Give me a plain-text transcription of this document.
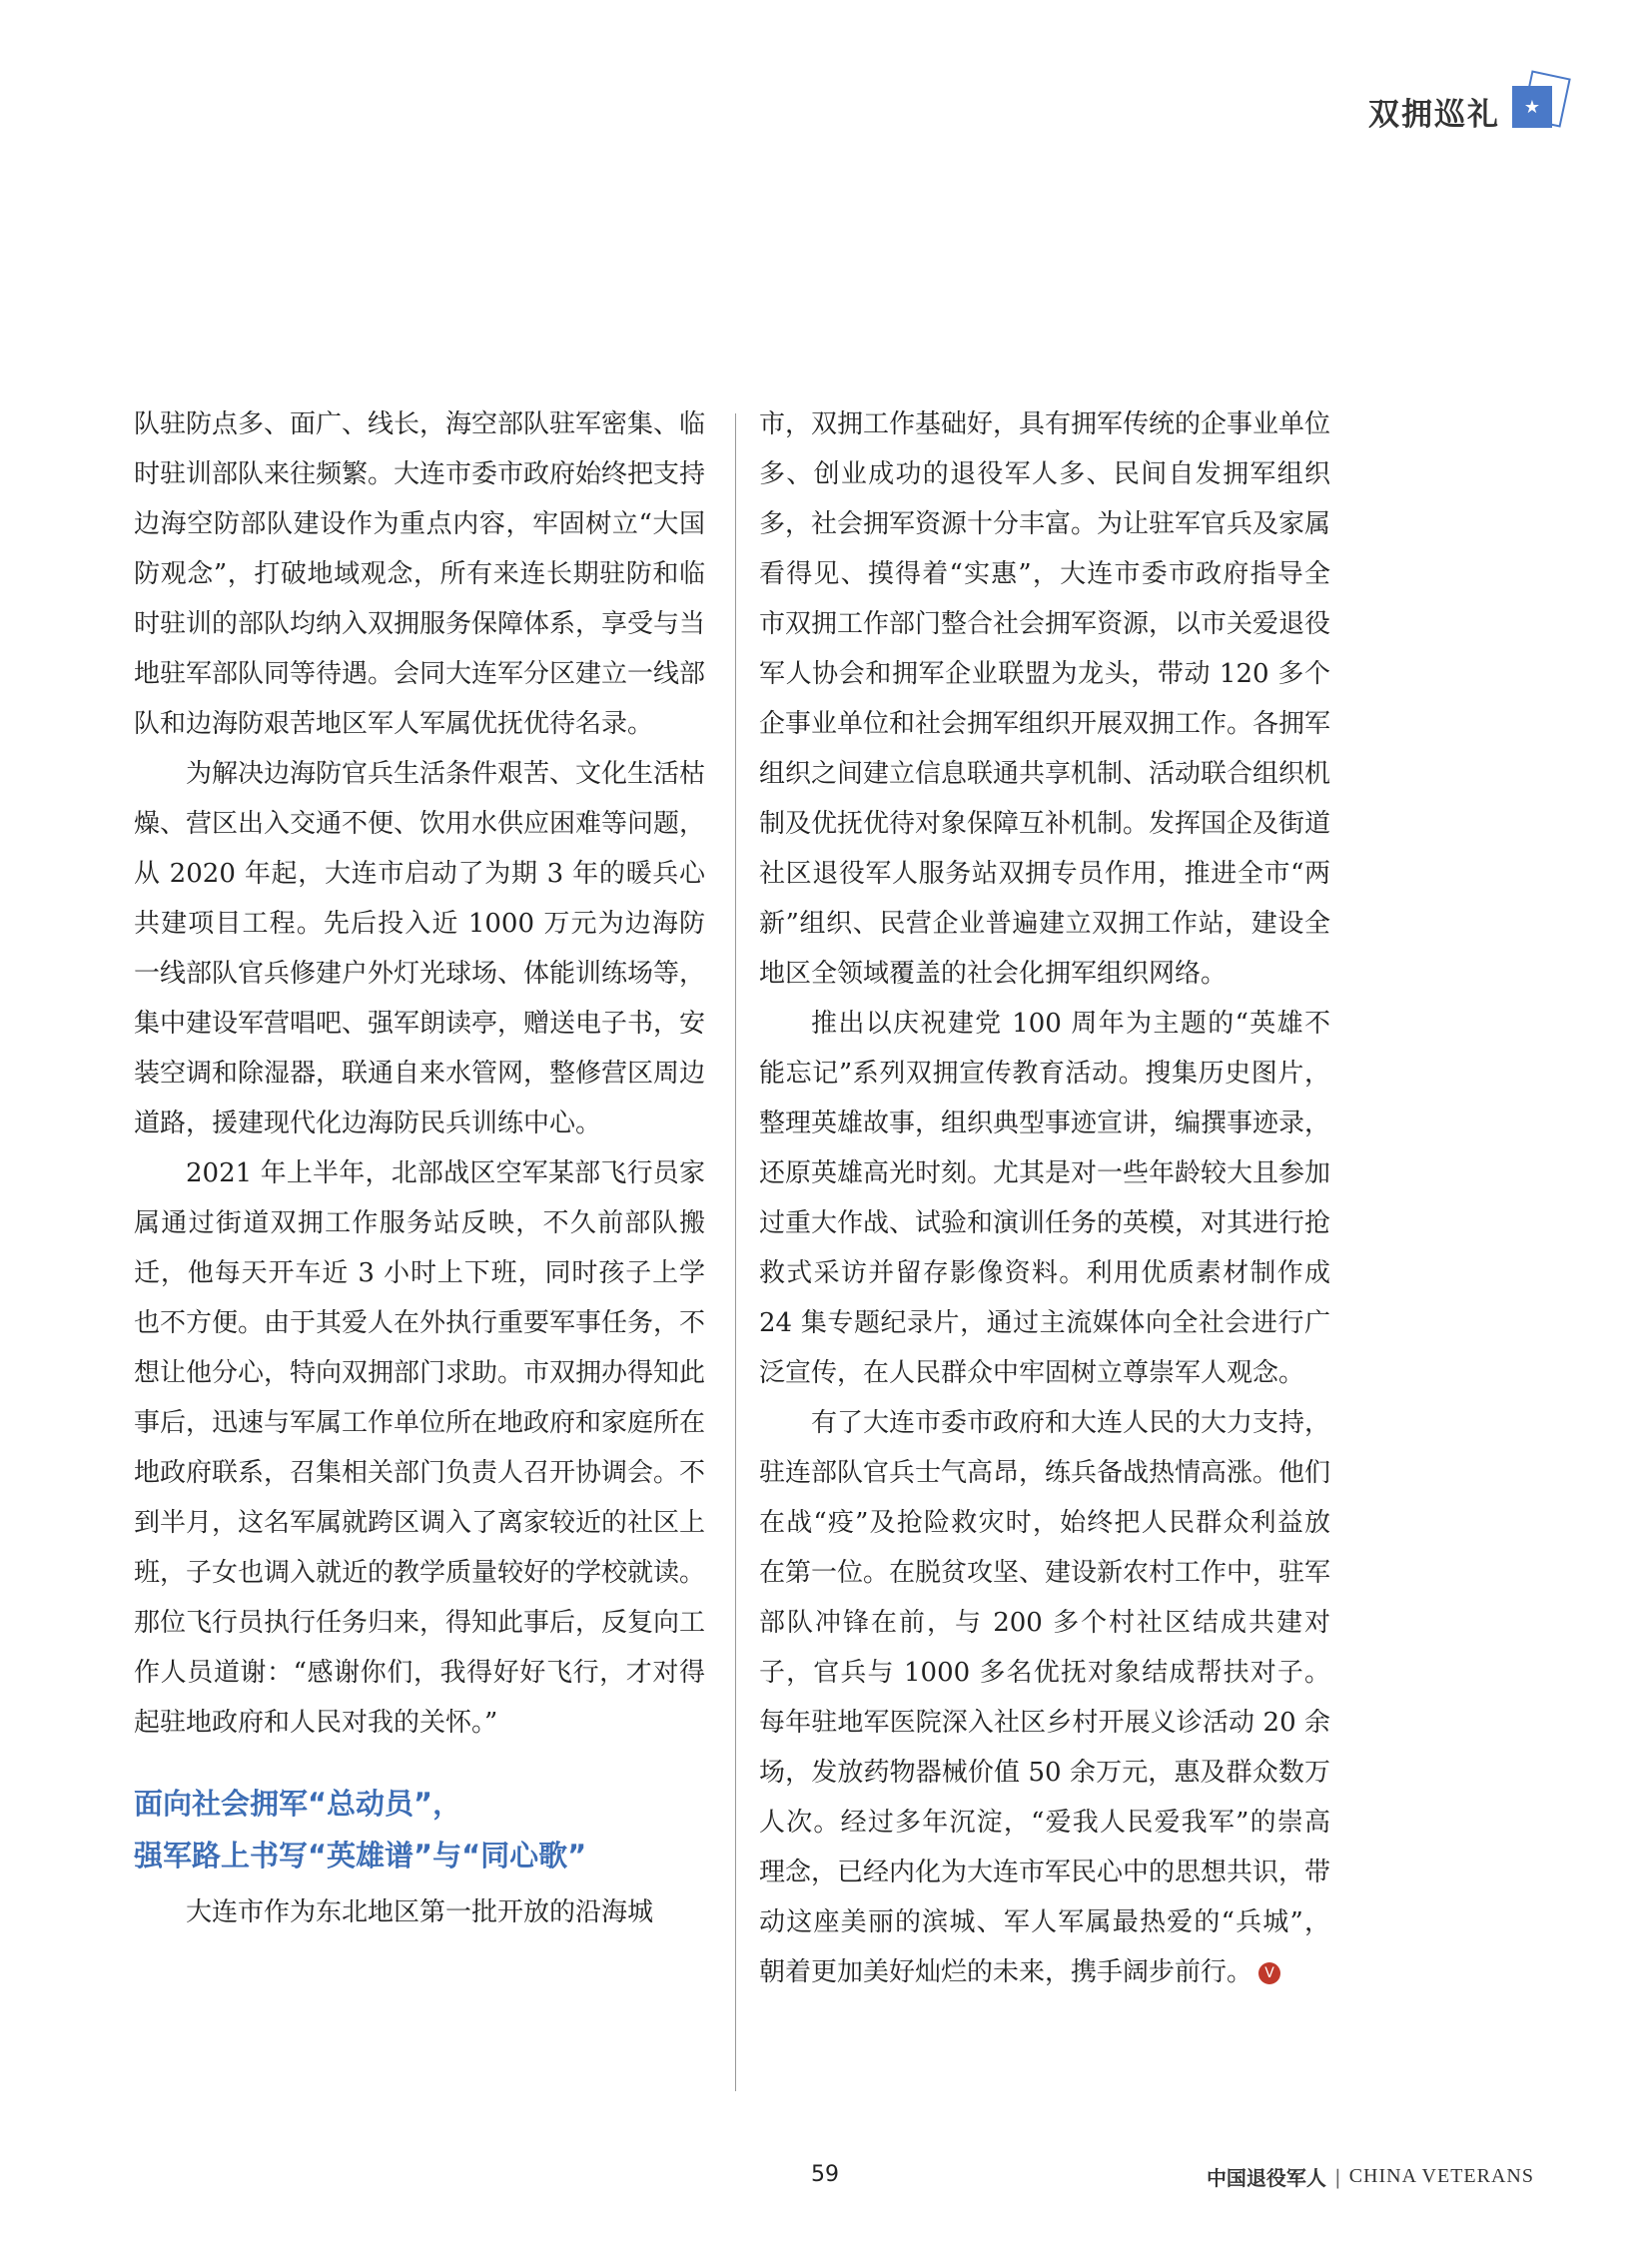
双拥巡礼	★

队驻防点多、面广、线长，海空部队驻军密集、临时驻训部队来往频繁。大连市委市政府始终把支持边海空防部队建设作为重点内容，牢固树立“大国防观念”，打破地域观念，所有来连长期驻防和临时驻训的部队均纳入双拥服务保障体系，享受与当地驻军部队同等待遇。会同大连军分区建立一线部队和边海防艰苦地区军人军属优抚优待名录。

为解决边海防官兵生活条件艰苦、文化生活枯燥、营区出入交通不便、饮用水供应困难等问题，从 2020 年起，大连市启动了为期 3 年的暖兵心共建项目工程。先后投入近 1000 万元为边海防一线部队官兵修建户外灯光球场、体能训练场等，集中建设军营唱吧、强军朗读亭，赠送电子书，安装空调和除湿器，联通自来水管网，整修营区周边道路，援建现代化边海防民兵训练中心。

2021 年上半年，北部战区空军某部飞行员家属通过街道双拥工作服务站反映，不久前部队搬迁，他每天开车近 3 小时上下班，同时孩子上学也不方便。由于其爱人在外执行重要军事任务，不想让他分心，特向双拥部门求助。市双拥办得知此事后，迅速与军属工作单位所在地政府和家庭所在地政府联系，召集相关部门负责人召开协调会。不到半月，这名军属就跨区调入了离家较近的社区上班，子女也调入就近的教学质量较好的学校就读。那位飞行员执行任务归来，得知此事后，反复向工作人员道谢：“感谢你们，我得好好飞行，才对得起驻地政府和人民对我的关怀。”

面向社会拥军“总动员”，
强军路上书写“英雄谱”与“同心歌”

大连市作为东北地区第一批开放的沿海城

市，双拥工作基础好，具有拥军传统的企事业单位多、创业成功的退役军人多、民间自发拥军组织多，社会拥军资源十分丰富。为让驻军官兵及家属看得见、摸得着“实惠”，大连市委市政府指导全市双拥工作部门整合社会拥军资源，以市关爱退役军人协会和拥军企业联盟为龙头，带动 120 多个企事业单位和社会拥军组织开展双拥工作。各拥军组织之间建立信息联通共享机制、活动联合组织机制及优抚优待对象保障互补机制。发挥国企及街道社区退役军人服务站双拥专员作用，推进全市“两新”组织、民营企业普遍建立双拥工作站，建设全地区全领域覆盖的社会化拥军组织网络。

推出以庆祝建党 100 周年为主题的“英雄不能忘记”系列双拥宣传教育活动。搜集历史图片，整理英雄故事，组织典型事迹宣讲，编撰事迹录，还原英雄高光时刻。尤其是对一些年龄较大且参加过重大作战、试验和演训任务的英模，对其进行抢救式采访并留存影像资料。利用优质素材制作成 24 集专题纪录片，通过主流媒体向全社会进行广泛宣传，在人民群众中牢固树立尊崇军人观念。

有了大连市委市政府和大连人民的大力支持，驻连部队官兵士气高昂，练兵备战热情高涨。他们在战“疫”及抢险救灾时，始终把人民群众利益放在第一位。在脱贫攻坚、建设新农村工作中，驻军部队冲锋在前，与 200 多个村社区结成共建对子，官兵与 1000 多名优抚对象结成帮扶对子。每年驻地军医院深入社区乡村开展义诊活动 20 余场，发放药物器械价值 50 余万元，惠及群众数万人次。经过多年沉淀，“爱我人民爱我军”的崇高理念，已经内化为大连市军民心中的思想共识，带动这座美丽的滨城、军人军属最热爱的“兵城”，朝着更加美好灿烂的未来，携手阔步前行。 V

59	中国退役军人 | CHINA VETERANS
